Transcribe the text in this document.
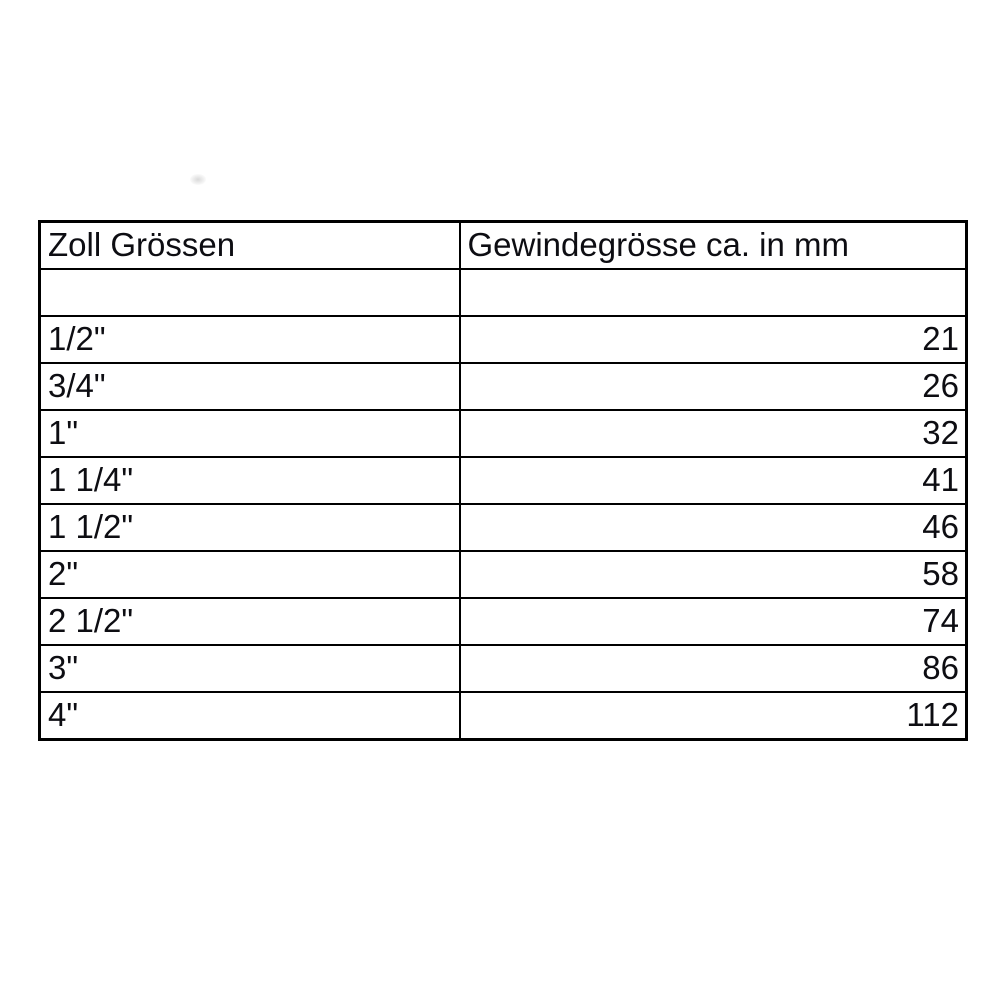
Zoll Grössen	Gewindegrösse ca. in mm

1/2"	21
3/4"	26
1"	32
1 1/4"	41
1 1/2"	46
2"	58
2 1/2"	74
3"	86
4"	112
